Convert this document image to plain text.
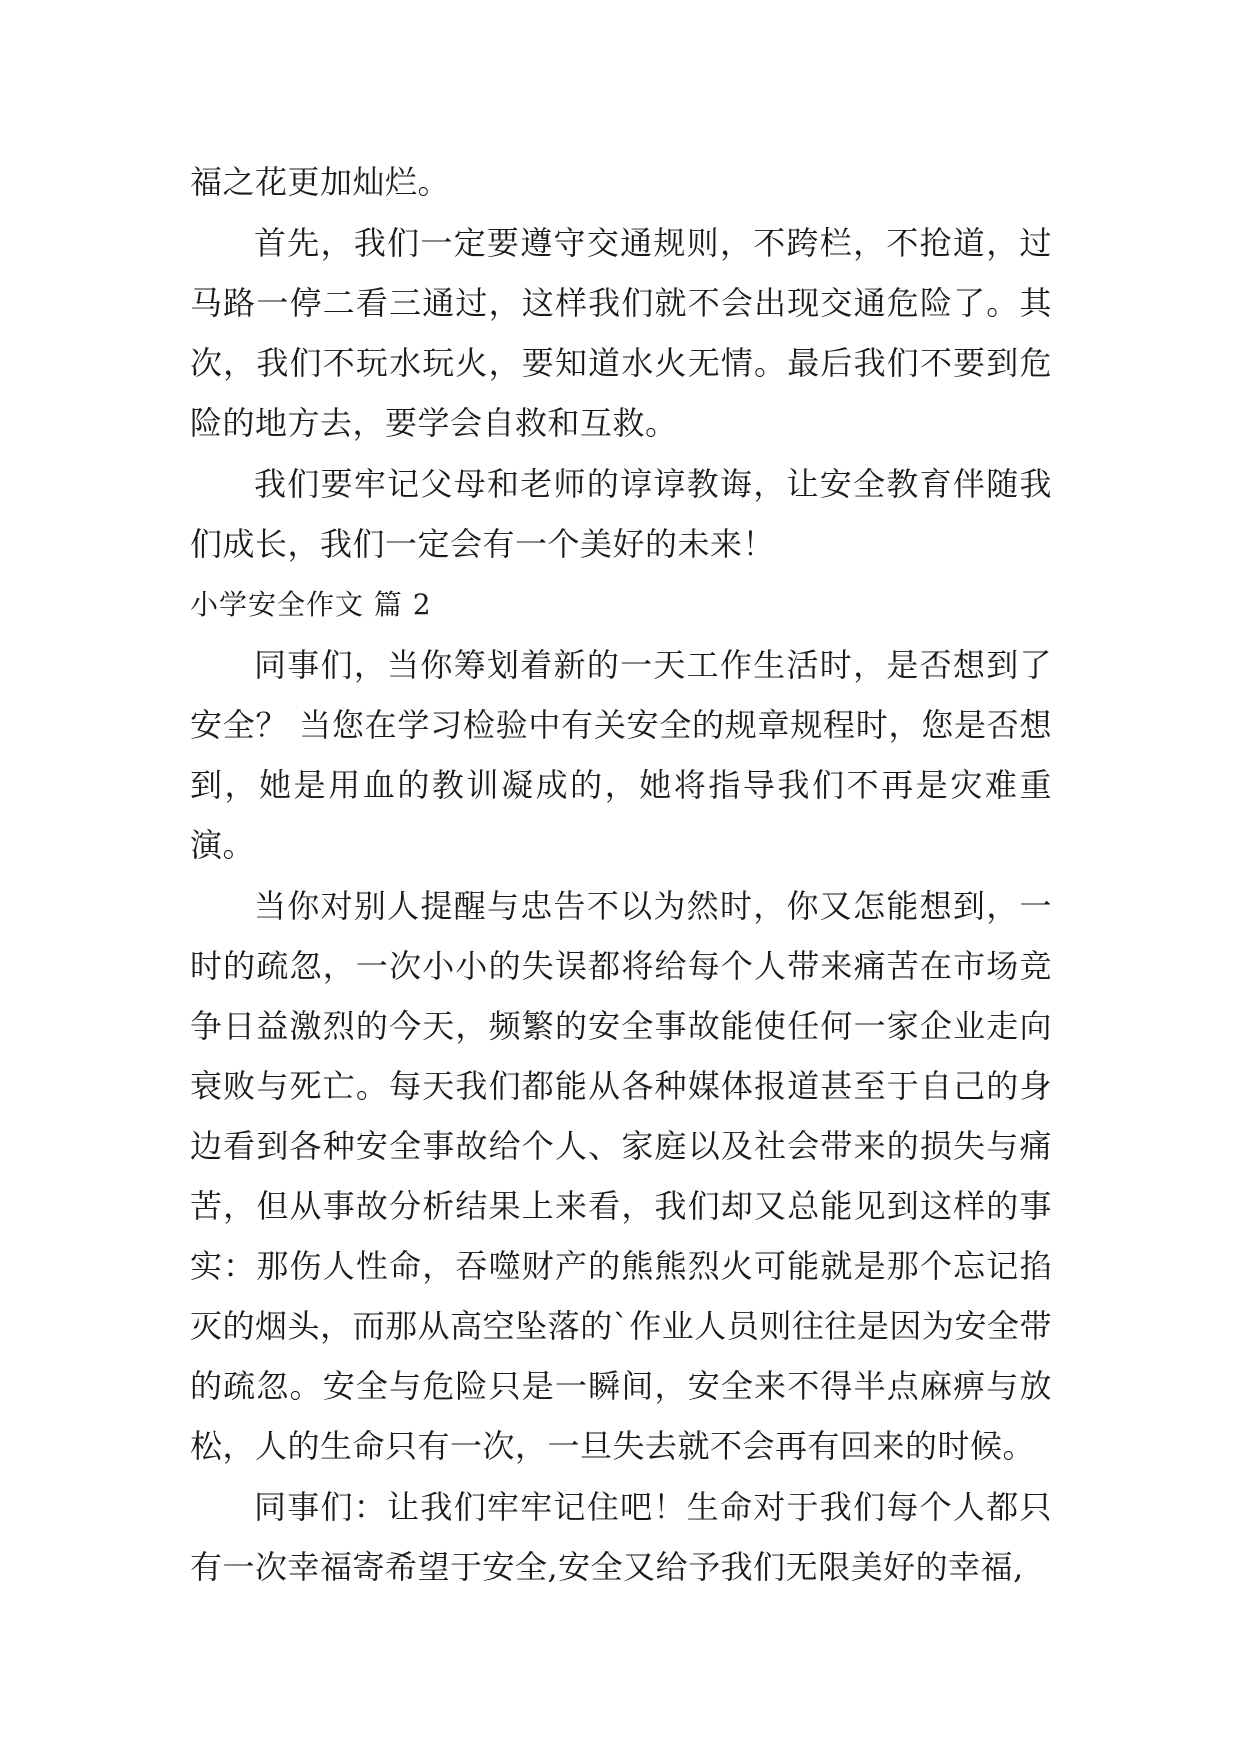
福之花更加灿烂。

首先，我们一定要遵守交通规则，不跨栏，不抢道，过马路一停二看三通过，这样我们就不会出现交通危险了。其次，我们不玩水玩火，要知道水火无情。最后我们不要到危险的地方去，要学会自救和互救。

我们要牢记父母和老师的谆谆教诲，让安全教育伴随我们成长，我们一定会有一个美好的未来！

小学安全作文 篇 2

同事们，当你筹划着新的一天工作生活时，是否想到了安全？ 当您在学习检验中有关安全的规章规程时，您是否想到，她是用血的教训凝成的，她将指导我们不再是灾难重演。

当你对别人提醒与忠告不以为然时，你又怎能想到，一时的疏忽，一次小小的失误都将给每个人带来痛苦在市场竞争日益激烈的今天，频繁的安全事故能使任何一家企业走向衰败与死亡。每天我们都能从各种媒体报道甚至于自己的身边看到各种安全事故给个人、家庭以及社会带来的损失与痛苦，但从事故分析结果上来看，我们却又总能见到这样的事实：那伤人性命，吞噬财产的熊熊烈火可能就是那个忘记掐灭的烟头，而那从高空坠落的`作业人员则往往是因为安全带的疏忽。安全与危险只是一瞬间，安全来不得半点麻痹与放松，人的生命只有一次，一旦失去就不会再有回来的时候。

同事们：让我们牢牢记住吧！生命对于我们每个人都只有一次幸福寄希望于安全,安全又给予我们无限美好的幸福,
